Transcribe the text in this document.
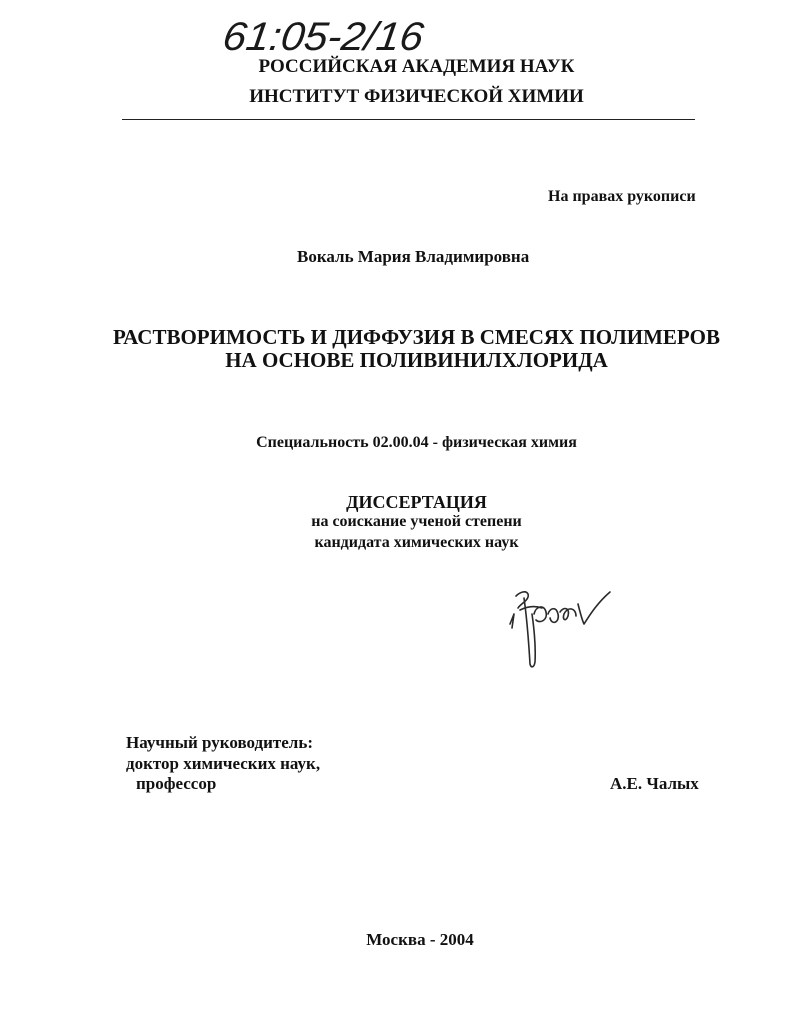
61:05-2/16
РОССИЙСКАЯ АКАДЕМИЯ НАУК
ИНСТИТУТ ФИЗИЧЕСКОЙ ХИМИИ
На правах рукописи
Вокаль Мария Владимировна
РАСТВОРИМОСТЬ И ДИФФУЗИЯ В СМЕСЯХ ПОЛИМЕРОВ
НА ОСНОВЕ ПОЛИВИНИЛХЛОРИДА
Специальность 02.00.04 - физическая химия
ДИССЕРТАЦИЯ
на соискание ученой степени
кандидата химических наук
Научный руководитель:
доктор химических наук,
профессор	А.Е. Чалых
Москва - 2004
